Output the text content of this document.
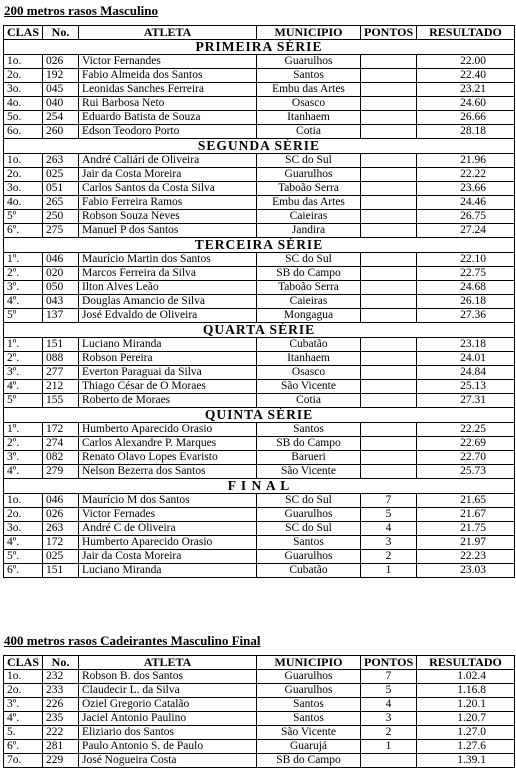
200 metros rasos Masculino
CLAS	No.	ATLETA	MUNICIPIO	PONTOS	RESULTADO
PRIMEIRA SÉRIE					
1o.	026	Victor Fernandes	Guarulhos		22.00
2o.	192	Fabio Almeida dos Santos	Santos		22.40
3o.	045	Leonidas Sanches Ferreira	Embu das Artes		23.21
4o.	040	Rui Barbosa Neto	Osasco		24.60
5o.	254	Eduardo Batista de Souza	Itanhaem		26.66
6o.	260	Edson Teodoro Porto	Cotia		28.18
SEGUNDA SÉRIE					
1o.	263	André Caliári de Oliveira	SC do Sul		21.96
2o.	025	Jair da Costa Moreira	Guarulhos		22.22
3o.	051	Carlos Santos da Costa Silva	Taboão Serra		23.66
4o.	265	Fabio Ferreira Ramos	Embu das Artes		24.46
5º	250	Robson Souza Neves	Caieiras		26.75
6º.	275	Manuel P dos Santos	Jandira		27.24
TERCEIRA SÉRIE					
1º.	046	Maurício Martin dos Santos	SC do Sul		22.10
2º.	020	Marcos Ferreira da Silva	SB do Campo		22.75
3º.	050	Ilton Alves Leão	Taboão Serra		24.68
4º.	043	Douglas Amancio de Silva	Caieiras		26.18
5º	137	José Edvaldo de Oliveira	Mongagua		27.36
QUARTA SÉRIE					
1º.	151	Luciano Miranda	Cubatão		23.18
2º.	088	Robson Pereira	Itanhaem		24.01
3º.	277	Everton Paraguai da Silva	Osasco		24.84
4º.	212	Thiago César de O Moraes	São Vicente		25.13
5º	155	Roberto de Moraes	Cotia		27.31
QUINTA SÉRIE					
1º.	172	Humberto Aparecido Orasio	Santos		22.25
2º.	274	Carlos Alexandre P. Marques	SB do Campo		22.69
3º.	082	Renato Olavo Lopes Evaristo	Barueri		22.70
4º.	279	Nelson Bezerra dos Santos	São Vicente		25.73
F I N A L					
1o.	046	Maurício M dos Santos	SC do Sul	7	21.65
2o.	026	Victor Fernades	Guarulhos	5	21.67
3o.	263	André C de Oliveira	SC do Sul	4	21.75
4º.	172	Humberto Aparecido Orasio	Santos	3	21.97
5º.	025	Jair da Costa Moreira	Guarulhos	2	22.23
6º.	151	Luciano Miranda	Cubatão	1	23.03
400 metros rasos Cadeirantes Masculino Final
CLAS	No.	ATLETA	MUNICIPIO	PONTOS	RESULTADO
1o.	232	Robson B. dos Santos	Guarulhos	7	1.02.4
2o.	233	Claudecir L. da Silva	Guarulhos	5	1.16.8
3º.	226	Oziel Gregorio Catalão	Santos	4	1.20.1
4º.	235	Jaciel Antonio Paulino	Santos	3	1.20.7
5.	222	Eliziario dos Santos	São Vicente	2	1.27.0
6º.	281	Paulo Antonio S. de Paulo	Guarujá	1	1.27.6
7o.	229	José Nogueira Costa	SB do Campo		1.39.1
